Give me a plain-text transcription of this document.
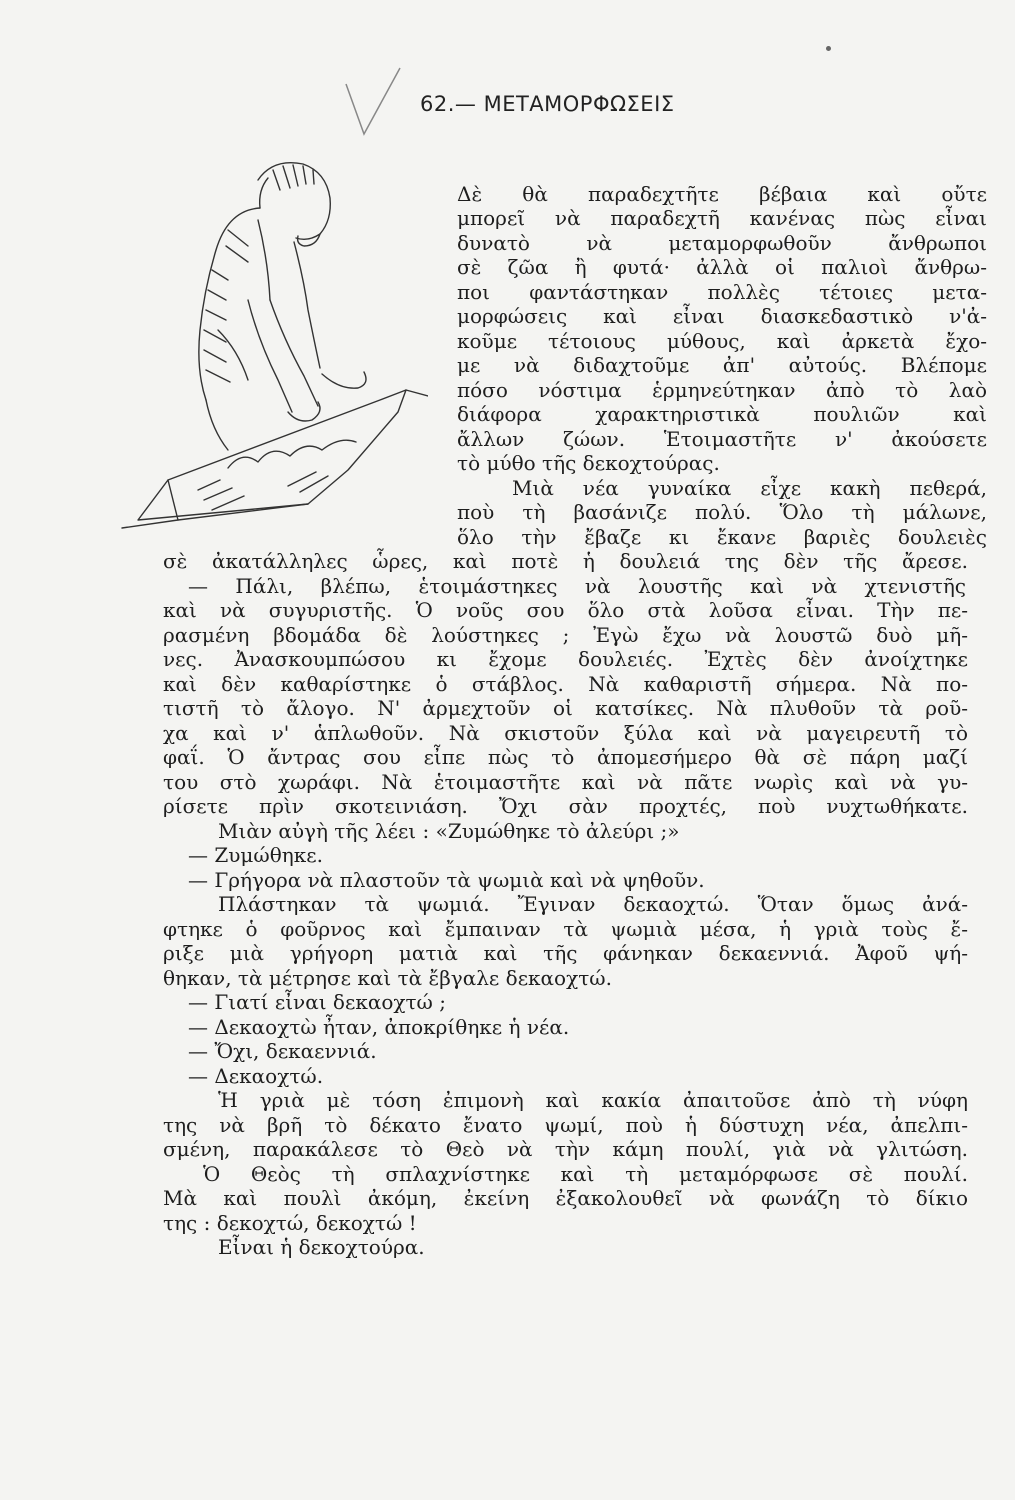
62.— ΜΕΤΑΜΟΡΦΩΣΕΙΣ
Δὲ θὰ παραδεχτῆτε βέβαια καὶ οὔτε
μπορεῖ νὰ παραδεχτῆ κανένας πὼς εἶναι
δυνατὸ νὰ μεταμορφωθοῦν ἄνθρωποι
σὲ ζῶα ἢ φυτά· ἀλλὰ οἱ παλιοὶ ἄνθρω-
ποι φαντάστηκαν πολλὲς τέτοιες μετα-
μορφώσεις καὶ εἶναι διασκεδαστικὸ ν'ἀ-
κοῦμε τέτοιους μύθους, καὶ ἀρκετὰ ἔχο-
με νὰ διδαχτοῦμε ἀπ' αὐτούς. Βλέπομε
πόσο νόστιμα ἑρμηνεύτηκαν ἀπὸ τὸ λαὸ
διάφορα χαρακτηριστικὰ πουλιῶν καὶ
ἄλλων ζώων. Ἑτοιμαστῆτε ν' ἀκούσετε
τὸ μύθο τῆς δεκοχτούρας.
Μιὰ νέα γυναίκα εἶχε κακὴ πεθερά,
ποὺ τὴ βασάνιζε πολύ. Ὅλο τὴ μάλωνε,
ὅλο τὴν ἔβαζε κι ἔκανε βαριὲς δουλειὲς
σὲ ἀκατάλληλες ὧρες, καὶ ποτὲ ἡ δουλειά της δὲν τῆς ἄρεσε.
— Πάλι, βλέπω, ἑτοιμάστηκες νὰ λουστῆς καὶ νὰ χτενιστῆς
καὶ νὰ συγυριστῆς. Ὁ νοῦς σου ὅλο στὰ λοῦσα εἶναι. Τὴν πε-
ρασμένη βδομάδα δὲ λούστηκες ; Ἐγὼ ἔχω νὰ λουστῶ δυὸ μῆ-
νες. Ἀνασκουμπώσου κι ἔχομε δουλειές. Ἐχτὲς δὲν ἀνοίχτηκε
καὶ δὲν καθαρίστηκε ὁ στάβλος. Νὰ καθαριστῆ σήμερα. Νὰ πο-
τιστῆ τὸ ἄλογο. Ν' ἀρμεχτοῦν οἱ κατσίκες. Νὰ πλυθοῦν τὰ ροῦ-
χα καὶ ν' ἁπλωθοῦν. Νὰ σκιστοῦν ξύλα καὶ νὰ μαγειρευτῆ τὸ
φαΐ. Ὁ ἄντρας σου εἶπε πὼς τὸ ἀπομεσήμερο θὰ σὲ πάρη μαζί
του στὸ χωράφι. Νὰ ἑτοιμαστῆτε καὶ νὰ πᾶτε νωρὶς καὶ νὰ γυ-
ρίσετε πρὶν σκοτεινιάση. Ὄχι σὰν προχτές, ποὺ νυχτωθήκατε.
Μιὰν αὐγὴ τῆς λέει : «Ζυμώθηκε τὸ ἀλεύρι ;»
— Ζυμώθηκε.
— Γρήγορα νὰ πλαστοῦν τὰ ψωμιὰ καὶ νὰ ψηθοῦν.
Πλάστηκαν τὰ ψωμιά. Ἔγιναν δεκαοχτώ. Ὅταν ὅμως ἀνά-
φτηκε ὁ φοῦρνος καὶ ἔμπαιναν τὰ ψωμιὰ μέσα, ἡ γριὰ τοὺς ἔ-
ριξε μιὰ γρήγορη ματιὰ καὶ τῆς φάνηκαν δεκαεννιά. Ἀφοῦ ψή-
θηκαν, τὰ μέτρησε καὶ τὰ ἔβγαλε δεκαοχτώ.
— Γιατί εἶναι δεκαοχτώ ;
— Δεκαοχτὼ ἦταν, ἀποκρίθηκε ἡ νέα.
— Ὄχι, δεκαεννιά.
— Δεκαοχτώ.
Ἡ γριὰ μὲ τόση ἐπιμονὴ καὶ κακία ἀπαιτοῦσε ἀπὸ τὴ νύφη
της νὰ βρῆ τὸ δέκατο ἔνατο ψωμί, ποὺ ἡ δύστυχη νέα, ἀπελπι-
σμένη, παρακάλεσε τὸ Θεὸ νὰ τὴν κάμη πουλί, γιὰ νὰ γλιτώση.
Ὁ Θεὸς τὴ σπλαχνίστηκε καὶ τὴ μεταμόρφωσε σὲ πουλί.
Μὰ καὶ πουλὶ ἀκόμη, ἐκείνη ἐξακολουθεῖ νὰ φωνάζη τὸ δίκιο
της : δεκοχτώ, δεκοχτώ !
Εἶναι ἡ δεκοχτούρα.
